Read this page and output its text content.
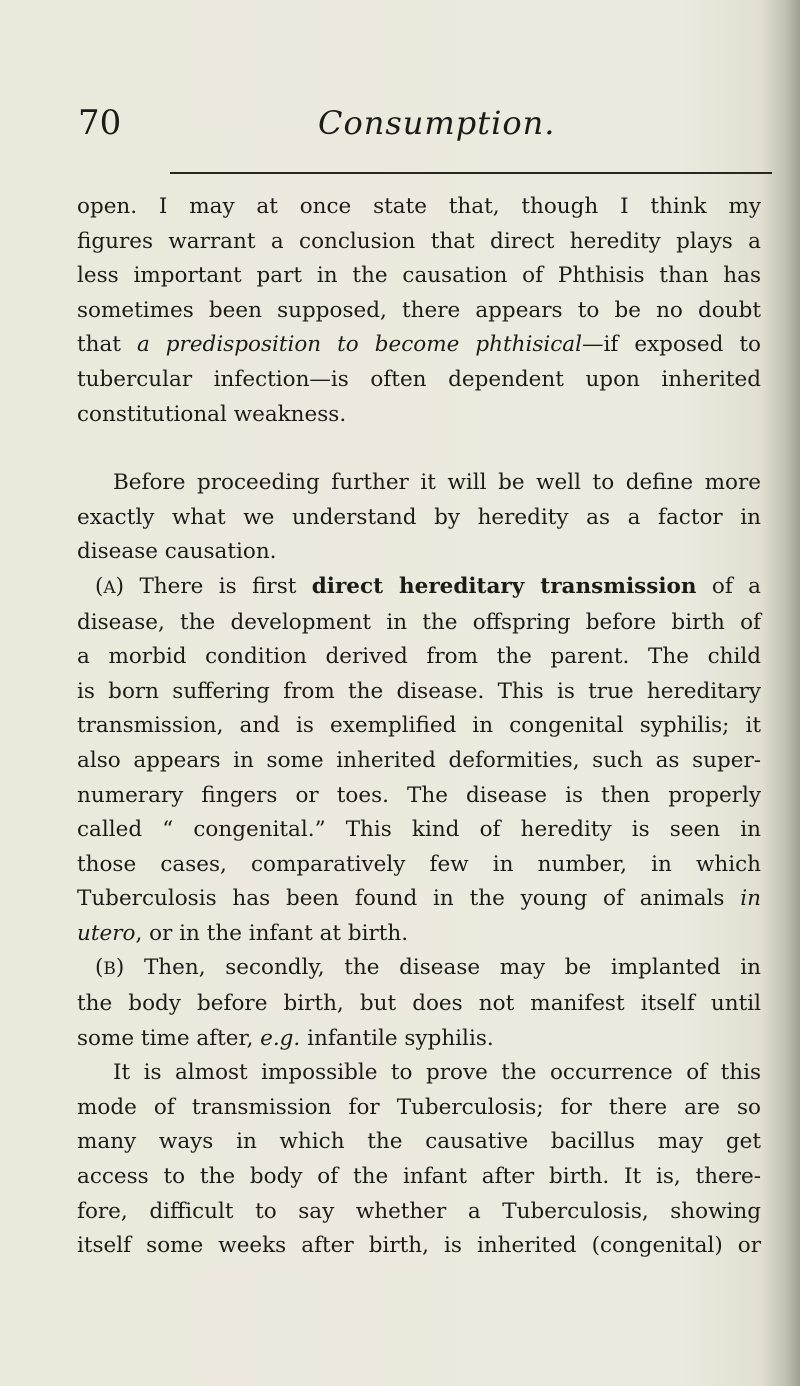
70	Consumption.

open. I may at once state that, though I think my
figures warrant a conclusion that direct heredity plays a
less important part in the causation of Phthisis than has
sometimes been supposed, there appears to be no doubt
that a predisposition to become phthisical—if exposed to
tubercular infection—is often dependent upon inherited
constitutional weakness.

Before proceeding further it will be well to define more
exactly what we understand by heredity as a factor in
disease causation.

(A) There is first direct hereditary transmission of a
disease, the development in the offspring before birth of
a morbid condition derived from the parent. The child
is born suffering from the disease. This is true hereditary
transmission, and is exemplified in congenital syphilis; it
also appears in some inherited deformities, such as super-
numerary fingers or toes. The disease is then properly
called “ congenital.” This kind of heredity is seen in
those cases, comparatively few in number, in which
Tuberculosis has been found in the young of animals in
utero, or in the infant at birth.

(B) Then, secondly, the disease may be implanted in
the body before birth, but does not manifest itself until
some time after, e.g. infantile syphilis.

It is almost impossible to prove the occurrence of this
mode of transmission for Tuberculosis; for there are so
many ways in which the causative bacillus may get
access to the body of the infant after birth. It is, there-
fore, difficult to say whether a Tuberculosis, showing
itself some weeks after birth, is inherited (congenital) or
